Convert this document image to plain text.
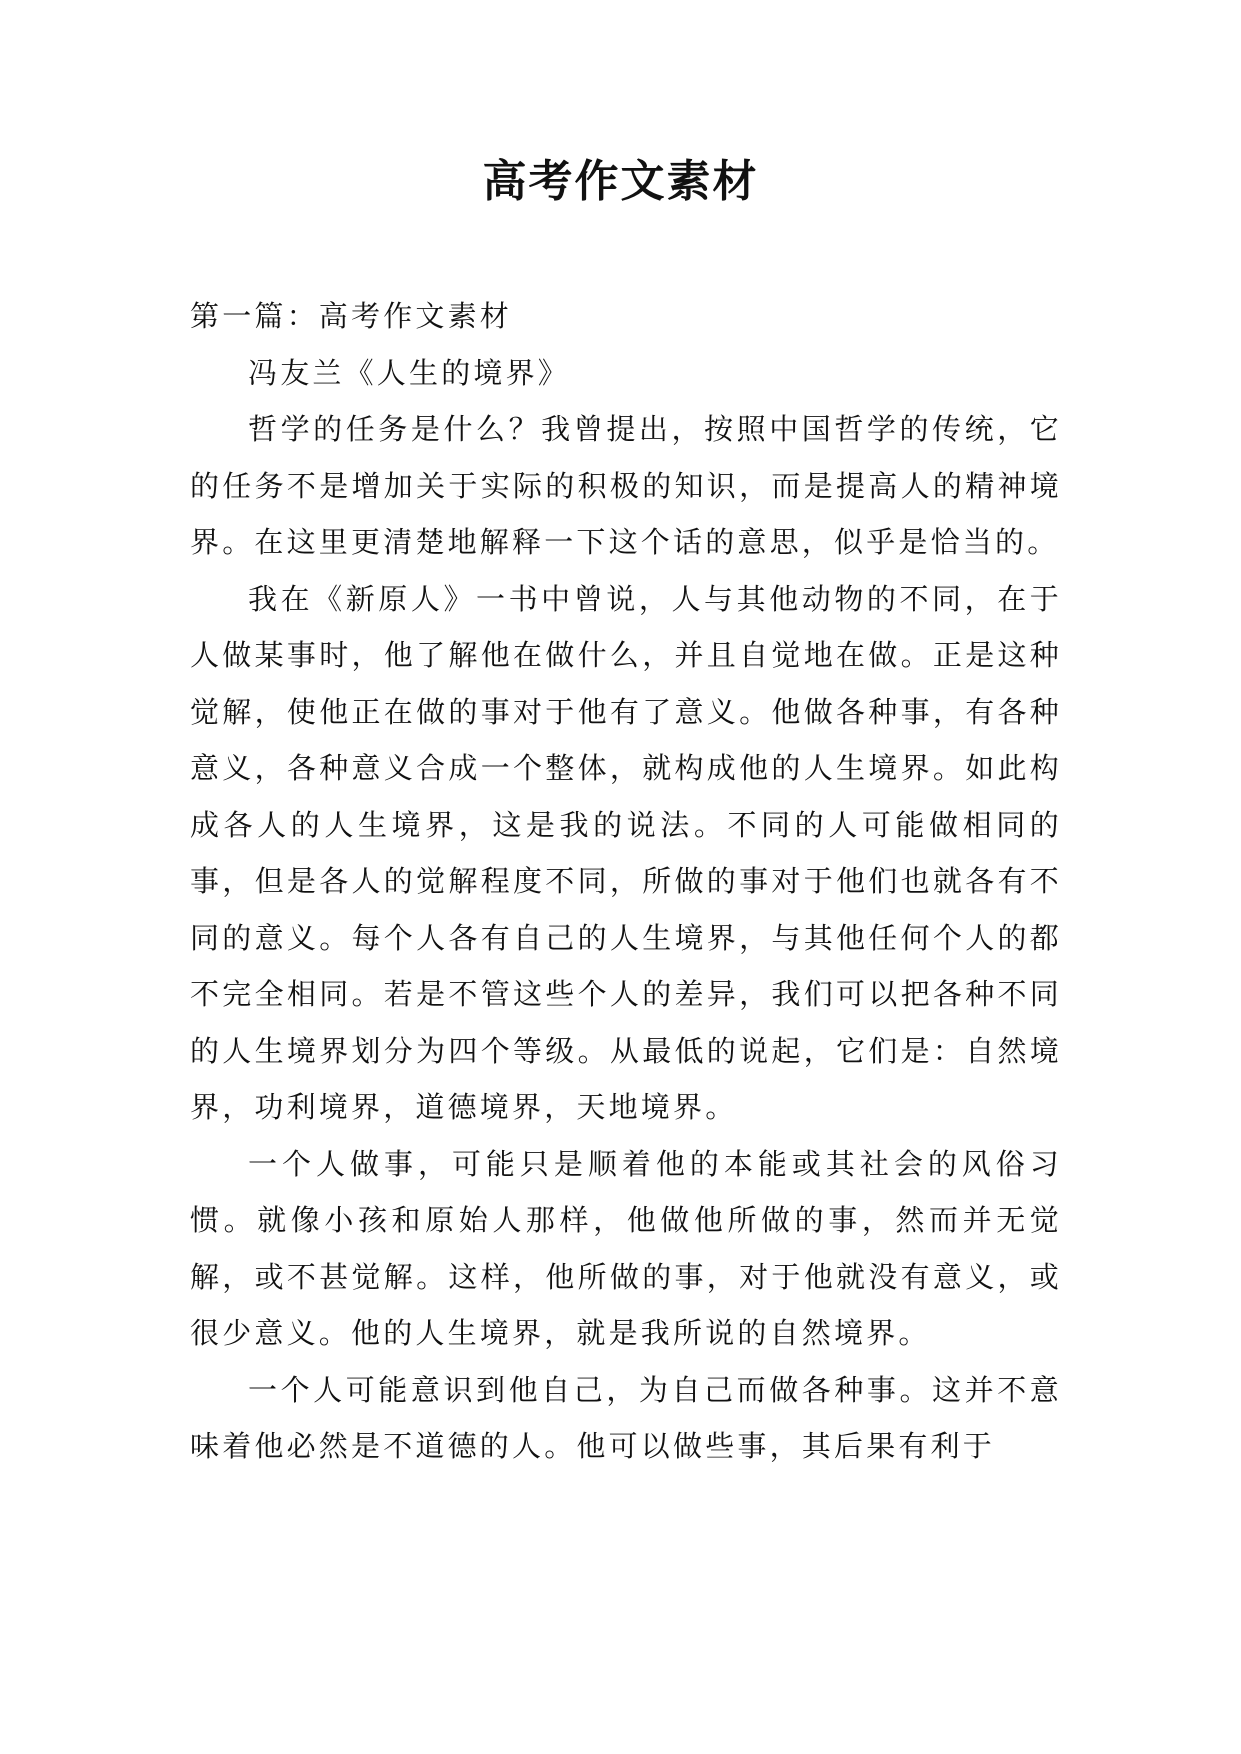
高考作文素材

第一篇：高考作文素材

冯友兰《人生的境界》

哲学的任务是什么？我曾提出，按照中国哲学的传统，它的任务不是增加关于实际的积极的知识，而是提高人的精神境界。在这里更清楚地解释一下这个话的意思，似乎是恰当的。

我在《新原人》一书中曾说，人与其他动物的不同，在于人做某事时，他了解他在做什么，并且自觉地在做。正是这种觉解，使他正在做的事对于他有了意义。他做各种事，有各种意义，各种意义合成一个整体，就构成他的人生境界。如此构成各人的人生境界，这是我的说法。不同的人可能做相同的事，但是各人的觉解程度不同，所做的事对于他们也就各有不同的意义。每个人各有自己的人生境界，与其他任何个人的都不完全相同。若是不管这些个人的差异，我们可以把各种不同的人生境界划分为四个等级。从最低的说起，它们是：自然境界，功利境界，道德境界，天地境界。

一个人做事，可能只是顺着他的本能或其社会的风俗习惯。就像小孩和原始人那样，他做他所做的事，然而并无觉解，或不甚觉解。这样，他所做的事，对于他就没有意义，或很少意义。他的人生境界，就是我所说的自然境界。

一个人可能意识到他自己，为自己而做各种事。这并不意味着他必然是不道德的人。他可以做些事，其后果有利于
